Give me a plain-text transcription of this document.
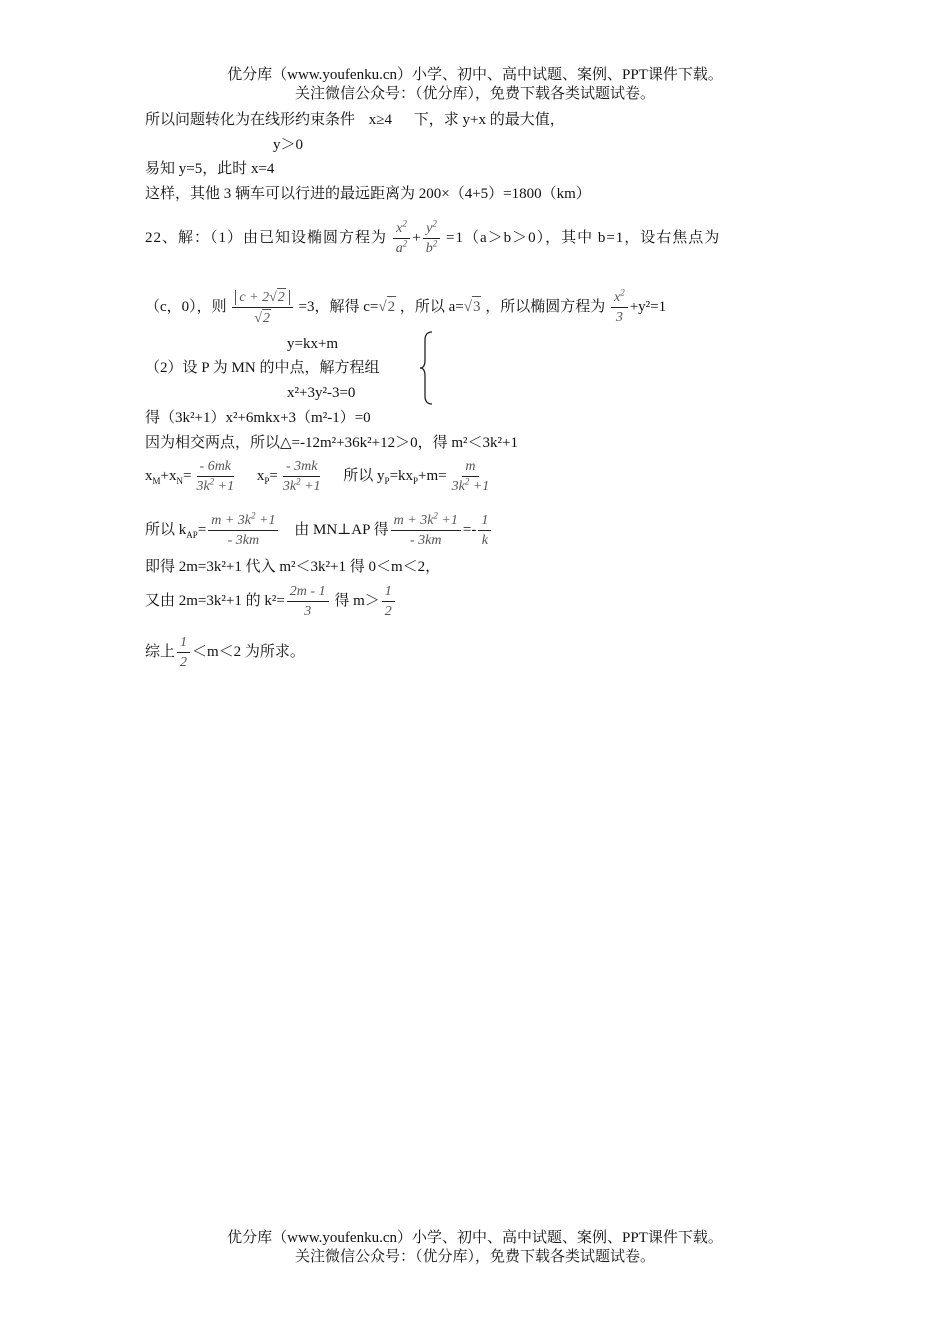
优分库（www.youfenku.cn）小学、初中、高中试题、案例、PPT课件下载。
关注微信公众号：（优分库），免费下载各类试题试卷。
所以问题转化为在线形约束条件 x≥4 下，求 y+x 的最大值，
y＞0
易知 y=5，此时 x=4
这样，其他 3 辆车可以行进的最远距离为 200×（4+5）=1800（km）
22、解：（1）由已知设椭圆方程为 $\frac{x^2}{a^2} + \frac{y^2}{b^2} =1(a>b>0)$，其中 b=1，设右焦点为
（c，0），则 $\frac{c + 2√2}{√2} =3$，解得 c=√2 ，所以 a=√3 ，所以椭圆方程为 $\frac{x^2}{3} +y^2=1$
y=kx+m
（2）设 P 为 MN 的中点，解方程组
x²+3y²-3=0
得（3k²+1）x²+6mkx+3（m²-1）=0
因为相交两点，所以△=-12m²+36k²+12＞0，得 m²＜3k²+1
$x_M+x_N= \frac{- 6mk}{3k^2 +1} x_P= \frac{- 3mk}{3k^2 +1}$ 所以 $y_P=kx_P+m= \frac{m}{3k^2 +1}$
所以 $k_{AP}= \frac{m + 3k^2 +1}{- 3km}$ 由 MN⊥AP 得 $\frac{m + 3k^2 +1}{- 3km} =- \frac{1}{k}$
即得 2m=3k²+1 代入 m²＜3k²+1 得 0＜m＜2，
又由 2m=3k²+1 的 $k^2= \frac{2m - 1}{3}$ 得 $m> \frac{1}{2}$
综上 $\frac{1}{2} <m<2$ 为所求。
优分库（www.youfenku.cn）小学、初中、高中试题、案例、PPT课件下载。
关注微信公众号：（优分库），免费下载各类试题试卷。
